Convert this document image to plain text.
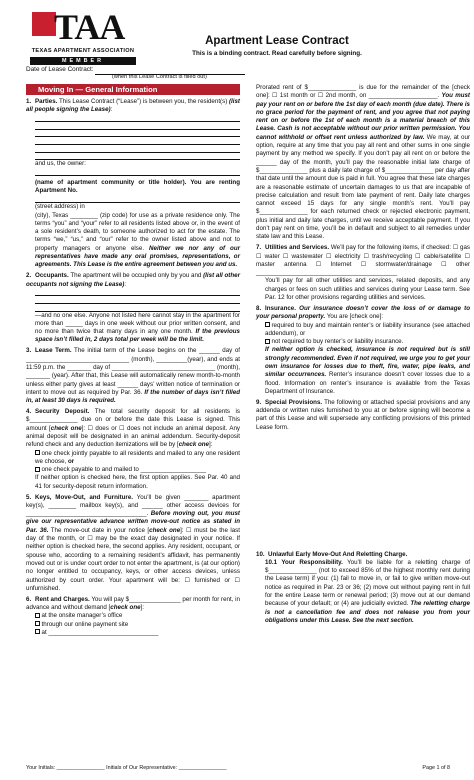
TAA
TEXAS APARTMENT ASSOCIATION
MEMBER
Apartment Lease Contract
This is a binding contract. Read carefully before signing.
Date of Lease Contract:
(when this Lease Contract is filled out)
Moving In — General Information
1. Parties. This Lease Contract (“Lease”) is between you, the resident(s) (list all people signing the Lease):
and us, the owner:
(name of apartment community or title holder). You are renting Apartment No.
(street address) in
(city), Texas ________ (zip code) for use as a private residence only. The terms “you” and “your” refer to all residents listed above or, in the event of a sole resident’s death, to someone authorized to act for the estate. The terms “we,” “us,” and “our” refer to the owner listed above and not to property managers or anyone else. Neither we nor any of our representatives have made any oral promises, representations, or agreements. This Lease is the entire agreement between you and us.
2. Occupants. The apartment will be occupied only by you and (list all other occupants not signing the Lease):
—and no one else. Anyone not listed here cannot stay in the apartment for more than _____ days in one week without our prior written consent, and no more than twice that many days in any one month. If the previous space isn’t filled in, 2 days total per week will be the limit.
3. Lease Term. The initial term of the Lease begins on the ______ day of ______________________________ (month), _________(year), and ends at 11:59 p.m. the _______ day of ______________________________ (month), _______ (year). After that, this Lease will automatically renew month-to-month unless either party gives at least ______ days’ written notice of termination or intent to move out as required by Par. 36. If the number of days isn’t filled in, at least 30 days is required.
4. Security Deposit. The total security deposit for all residents is $______________ due on or before the date this Lease is signed. This amount [check one]: ☐ does or ☐ does not include an animal deposit. Any animal deposit will be designated in an animal addendum. Security-deposit refund check and any deduction itemizations will be by [check one]:
one check jointly payable to all residents and mailed to any one resident we choose, or
one check payable to and mailed to ___________________
If neither option is checked here, the first option applies. See Par. 40 and 41 for security-deposit return information.
5. Keys, Move-Out, and Furniture. You’ll be given _______ apartment key(s), ________ mailbox key(s), and ______ other access devices for ___________________________________. Before moving out, you must give our representative advance written move-out notice as stated in Par. 36. The move-out date in your notice [check one]: ☐ must be the last day of the month, or ☐ may be the exact day designated in your notice. If neither option is checked here, the second applies. Any resident, occupant, or spouse who, according to a remaining resident’s affidavit, has permanently moved out or is under court order to not enter the apartment, is (at our option) no longer entitled to occupancy, keys, or other access devices, unless authorized by court order. Your apartment will be: ☐ furnished or ☐ unfurnished.
6. Rent and Charges. You will pay $_______________ per month for rent, in advance and without demand [check one]:
at the onsite manager’s office
through our online payment site
at ________________________________
Prorated rent of $______________ is due for the remainder of the [check one]: ☐ 1st month or ☐ 2nd month, on ____________________. You must pay your rent on or before the 1st day of each month (due date). There is no grace period for the payment of rent, and you agree that not paying rent on or before the 1st of each month is a material breach of this Lease. Cash is not acceptable without our prior written permission. You cannot withhold or offset rent unless authorized by law. We may, at our option, require at any time that you pay all rent and other sums in one single payment by any method we specify. If you don’t pay all rent on or before the ______ day of the month, you’ll pay the reasonable initial late charge of $______________ plus a daily late charge of $______________ per day after that date until the amount due is paid in full. You agree that these late charges are a reasonable estimate of uncertain damages to us that are incapable of precise calculation and result from late payment of rent. Daily late charges cannot exceed 15 days for any single month’s rent. You’ll pay $______________ for each returned check or rejected electronic payment, plus initial and daily late charges, until we receive acceptable payment. If you don’t pay rent on time, you’ll be in default and subject to all remedies under state law and this Lease.
7. Utilities and Services. We’ll pay for the following items, if checked: ☐ gas ☐ water ☐ wastewater ☐ electricity ☐ trash/recycling ☐ cable/satellite ☐ master antenna ☐ Internet ☐ stormwater/drainage ☐ other _________________________________________
You’ll pay for all other utilities and services, related deposits, and any charges or fees on such utilities and services during your Lease term. See Par. 12 for other provisions regarding utilities and services.
8. Insurance. Our insurance doesn’t cover the loss of or damage to your personal property. You are [check one]:
required to buy and maintain renter’s or liability insurance (see attached addendum), or
not required to buy renter’s or liability insurance.
If neither option is checked, insurance is not required but is still strongly recommended. Even if not required, we urge you to get your own insurance for losses due to theft, fire, water, pipe leaks, and similar occurrences. Renter’s insurance doesn’t cover losses due to a flood. Information on renter’s insurance is available from the Texas Department of Insurance.
9. Special Provisions. The following or attached special provisions and any addenda or written rules furnished to you at or before signing will become a part of this Lease and will supersede any conflicting provisions of this printed Lease form.
10. Unlawful Early Move-Out And Reletting Charge.
10.1 Your Responsibility. You’ll be liable for a reletting charge of $______________ (not to exceed 85% of the highest monthly rent during the Lease term) if you: (1) fail to move in, or fail to give written move-out notice as required in Par. 23 or 36; (2) move out without paying rent in full for the entire Lease term or renewal period; (3) move out at our demand because of your default; or (4) are judicially evicted. The reletting charge is not a cancellation fee and does not release you from your obligations under this Lease. See the next section.
Your Initials: ________________ Initials of Our Representative: ________________	Page 1 of 8
